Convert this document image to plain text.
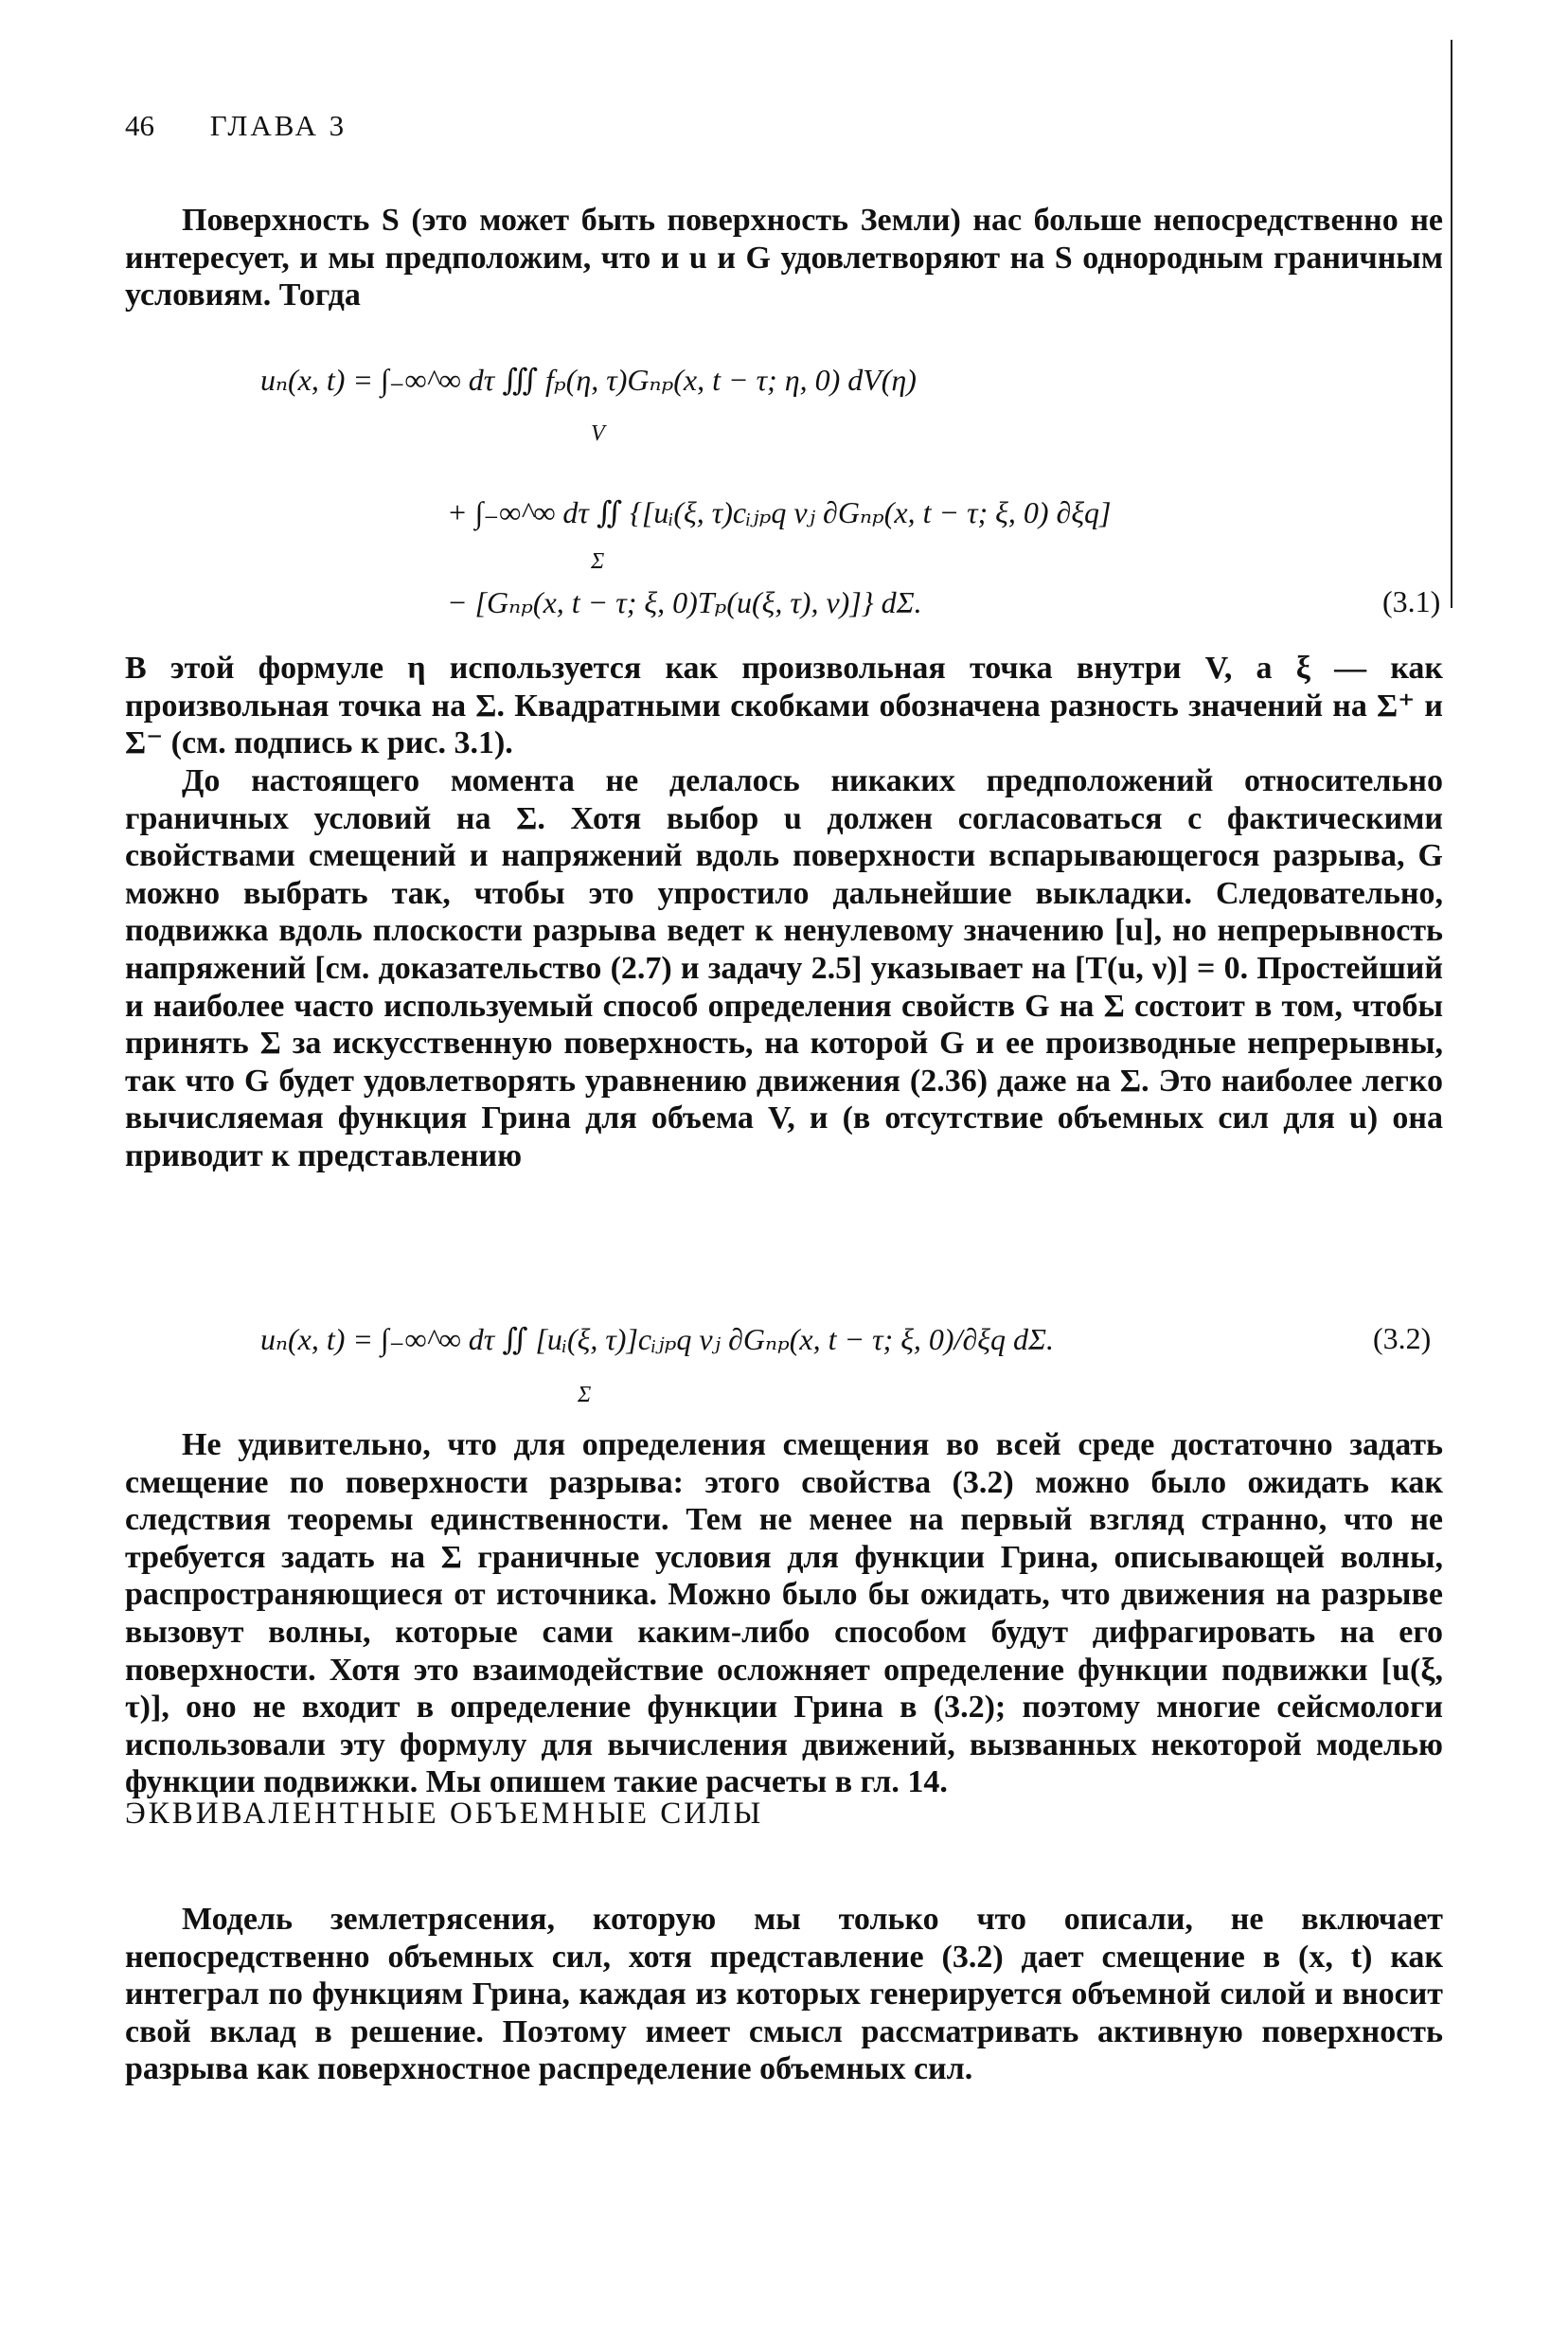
46 ГЛАВА 3

Поверхность S (это может быть поверхность Земли) нас больше непосредственно не интересует, и мы предположим, что и u и G удовлетворяют на S однородным граничным условиям. Тогда

uₙ(x, t) = ∫₋∞^∞ dτ ∭ fₚ(η, τ)Gₙₚ(x, t − τ; η, 0) dV(η)
V
+ ∫₋∞^∞ dτ ∬ {[uᵢ(ξ, τ)cᵢⱼₚq νⱼ ∂Gₙₚ(x, t − τ; ξ, 0) ∂ξq]
Σ
− [Gₙₚ(x, t − τ; ξ, 0)Tₚ(u(ξ, τ), ν)]} dΣ.	(3.1)

В этой формуле η используется как произвольная точка внутри V, а ξ — как произвольная точка на Σ. Квадратными скобками обозначена разность значений на Σ⁺ и Σ⁻ (см. подпись к рис. 3.1).

До настоящего момента не делалось никаких предположений относительно граничных условий на Σ. Хотя выбор u должен согласоваться с фактическими свойствами смещений и напряжений вдоль поверхности вспарывающегося разрыва, G можно выбрать так, чтобы это упростило дальнейшие выкладки. Следовательно, подвижка вдоль плоскости разрыва ведет к ненулевому значению [u], но непрерывность напряжений [см. доказательство (2.7) и задачу 2.5] указывает на [T(u, ν)] = 0. Простейший и наиболее часто используемый способ определения свойств G на Σ состоит в том, чтобы принять Σ за искусственную поверхность, на которой G и ее производные непрерывны, так что G будет удовлетворять уравнению движения (2.36) даже на Σ. Это наиболее легко вычисляемая функция Грина для объема V, и (в отсутствие объемных сил для u) она приводит к представлению

uₙ(x, t) = ∫₋∞^∞ dτ ∬ [uᵢ(ξ, τ)]cᵢⱼₚq νⱼ ∂Gₙₚ(x, t − τ; ξ, 0)/∂ξq dΣ.
Σ
(3.2)

Не удивительно, что для определения смещения во всей среде достаточно задать смещение по поверхности разрыва: этого свойства (3.2) можно было ожидать как следствия теоремы единственности. Тем не менее на первый взгляд странно, что не требуется задать на Σ граничные условия для функции Грина, описывающей волны, распространяющиеся от источника. Можно было бы ожидать, что движения на разрыве вызовут волны, которые сами каким-либо способом будут дифрагировать на его поверхности. Хотя это взаимодействие осложняет определение функции подвижки [u(ξ, τ)], оно не входит в определение функции Грина в (3.2); поэтому многие сейсмологи использовали эту формулу для вычисления движений, вызванных некоторой моделью функции подвижки. Мы опишем такие расчеты в гл. 14.

ЭКВИВАЛЕНТНЫЕ ОБЪЕМНЫЕ СИЛЫ

Модель землетрясения, которую мы только что описали, не включает непосредственно объемных сил, хотя представление (3.2) дает смещение в (x, t) как интеграл по функциям Грина, каждая из которых генерируется объемной силой и вносит свой вклад в решение. Поэтому имеет смысл рассматривать активную поверхность разрыва как поверхностное распределение объемных сил.
